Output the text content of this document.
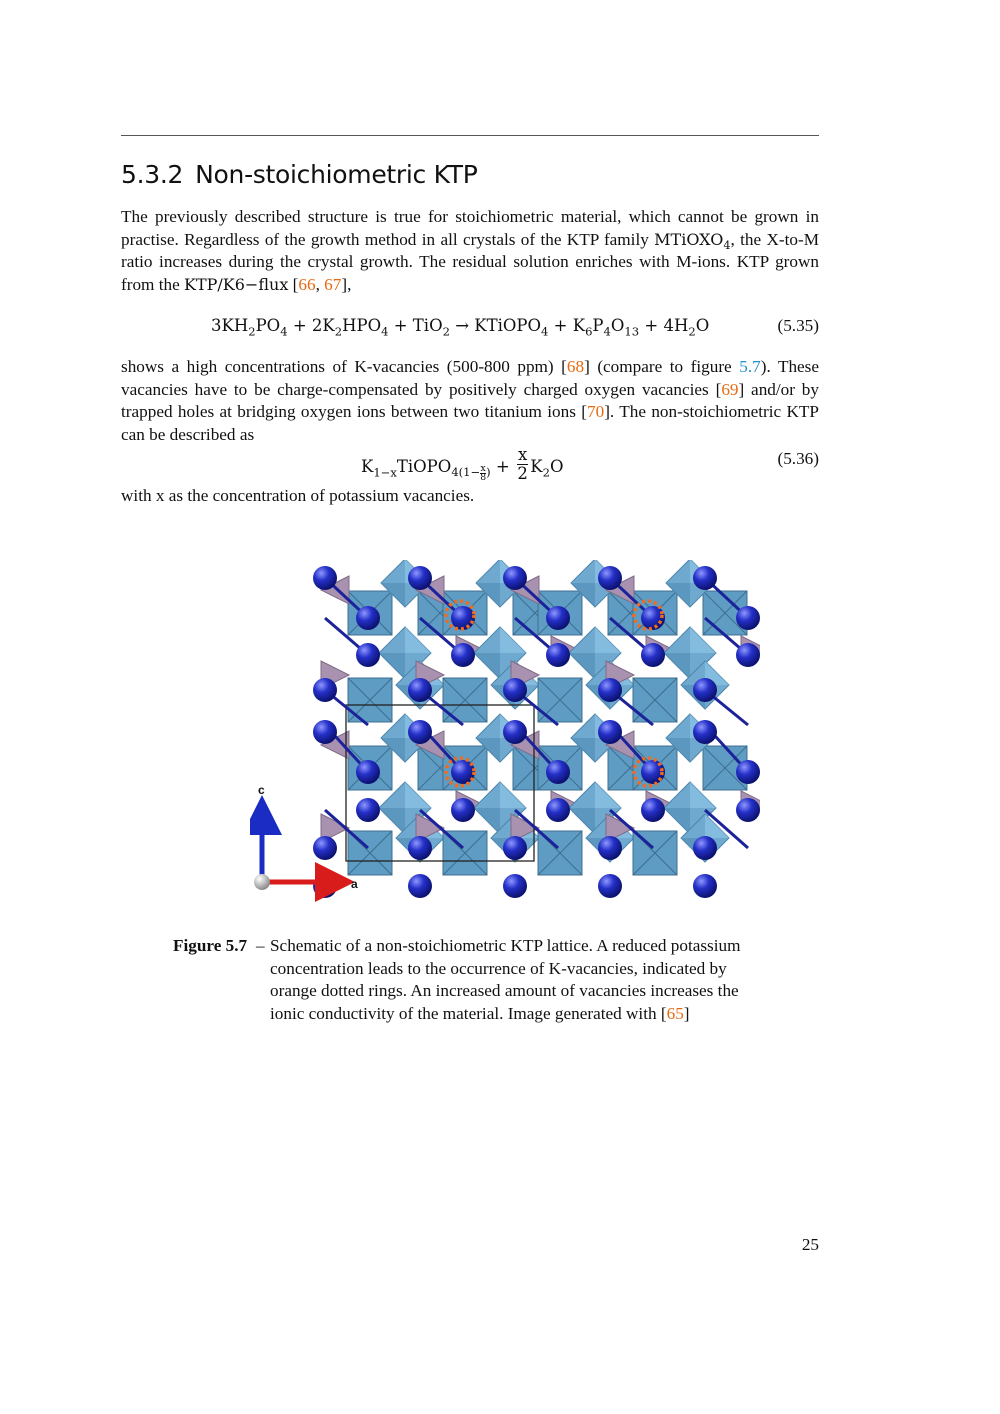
5.3.2 Non-stoichiometric KTP

The previously described structure is true for stoichiometric material, which cannot be grown in practise. Regardless of the growth method in all crystals of the KTP family MTiOXO$_4$, the X-to-M ratio increases during the crystal growth. The residual solution enriches with M-ions. KTP grown from the KTP/K6−flux [66, 67],

$3KH_2PO_4 + 2K_2HPO_4 + TiO_2$ → KTiOPO$_4$ + $K_6P_4O_{13} + 4H_2O$	(5.35)

shows a high concentrations of K-vacancies (500-800 ppm) [68] (compare to figure 5.7). These vacancies have to be charge-compensated by positively charged oxygen vacancies [69] and/or by trapped holes at bridging oxygen ions between two titanium ions [70]. The non-stoichiometric KTP can be described as

$K_{1-x}TiOPO_{4(1- \frac{x}{8} )} + \frac{x}{2} K_2O$	(5.36)

with x as the concentration of potassium vacancies.

c
a
Figure 5.7 – Schematic of a non-stoichiometric KTP lattice. A reduced potassium concentration leads to the occurrence of K-vacancies, indicated by orange dotted rings. An increased amount of vacancies increases the ionic conductivity of the material. Image generated with [65]
25
